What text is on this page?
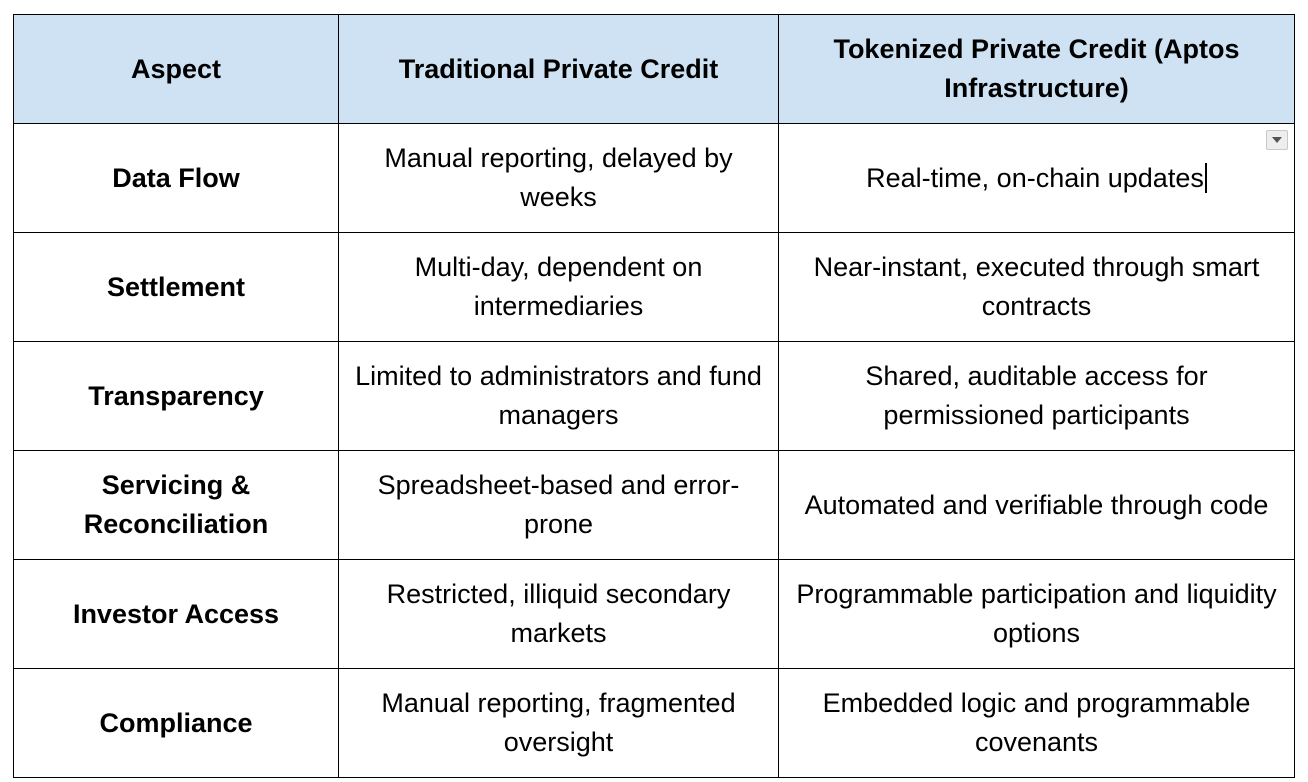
Aspect	Traditional Private Credit	Tokenized Private Credit (Aptos Infrastructure)
Data Flow	Manual reporting, delayed by weeks	Real-time, on-chain updates

Settlement	Multi-day, dependent on intermediaries	Near-instant, executed through smart contracts
Transparency	Limited to administrators and fund managers	Shared, auditable access for permissioned participants
Servicing & Reconciliation	Spreadsheet-based and error-prone	Automated and verifiable through code
Investor Access	Restricted, illiquid secondary markets	Programmable participation and liquidity options
Compliance	Manual reporting, fragmented oversight	Embedded logic and programmable covenants
